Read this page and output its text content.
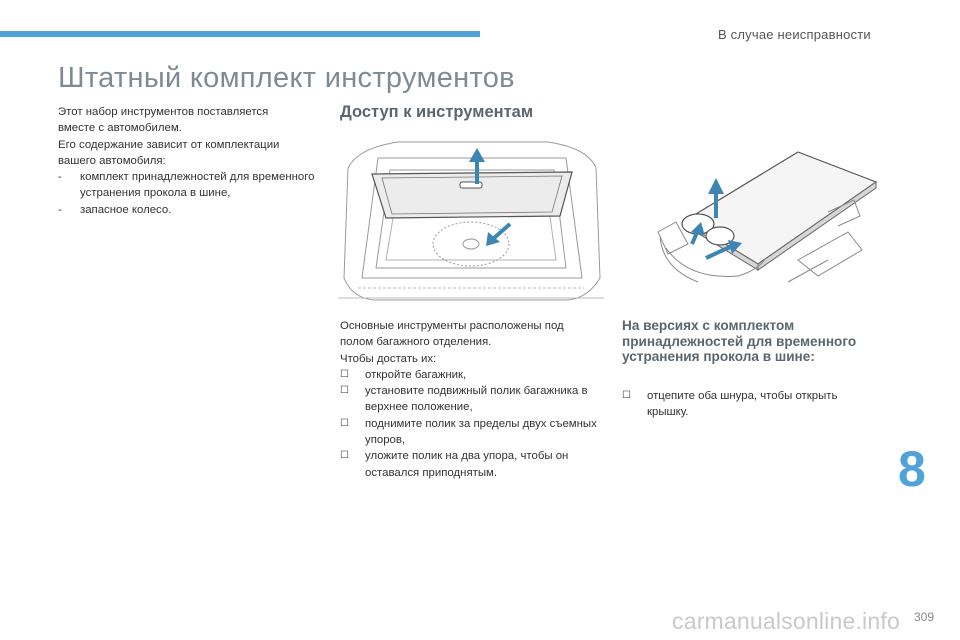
В случае неисправности
Штатный комплект инструментов

Этот набор инструментов поставляется

вместе с автомобилем.

Его содержание зависит от комплектации

вашего автомобиля:

- комплект принадлежностей для временного устранения прокола в шине,
- запасное колесо.
Доступ к инструментам

Основные инструменты расположены под

полом багажного отделения.

Чтобы достать их:

☐ откройте багажник,
☐ установите подвижный полик багажника в верхнее положение,
☐ поднимите полик за пределы двух съемных упоров,
☐ уложите полик на два упора, чтобы он оставался приподнятым.
На версиях с комплектом принадлежностей для временного устранения прокола в шине:
☐ отцепите оба шнура, чтобы открыть крышку.
8
carmanualsonline.info 309
